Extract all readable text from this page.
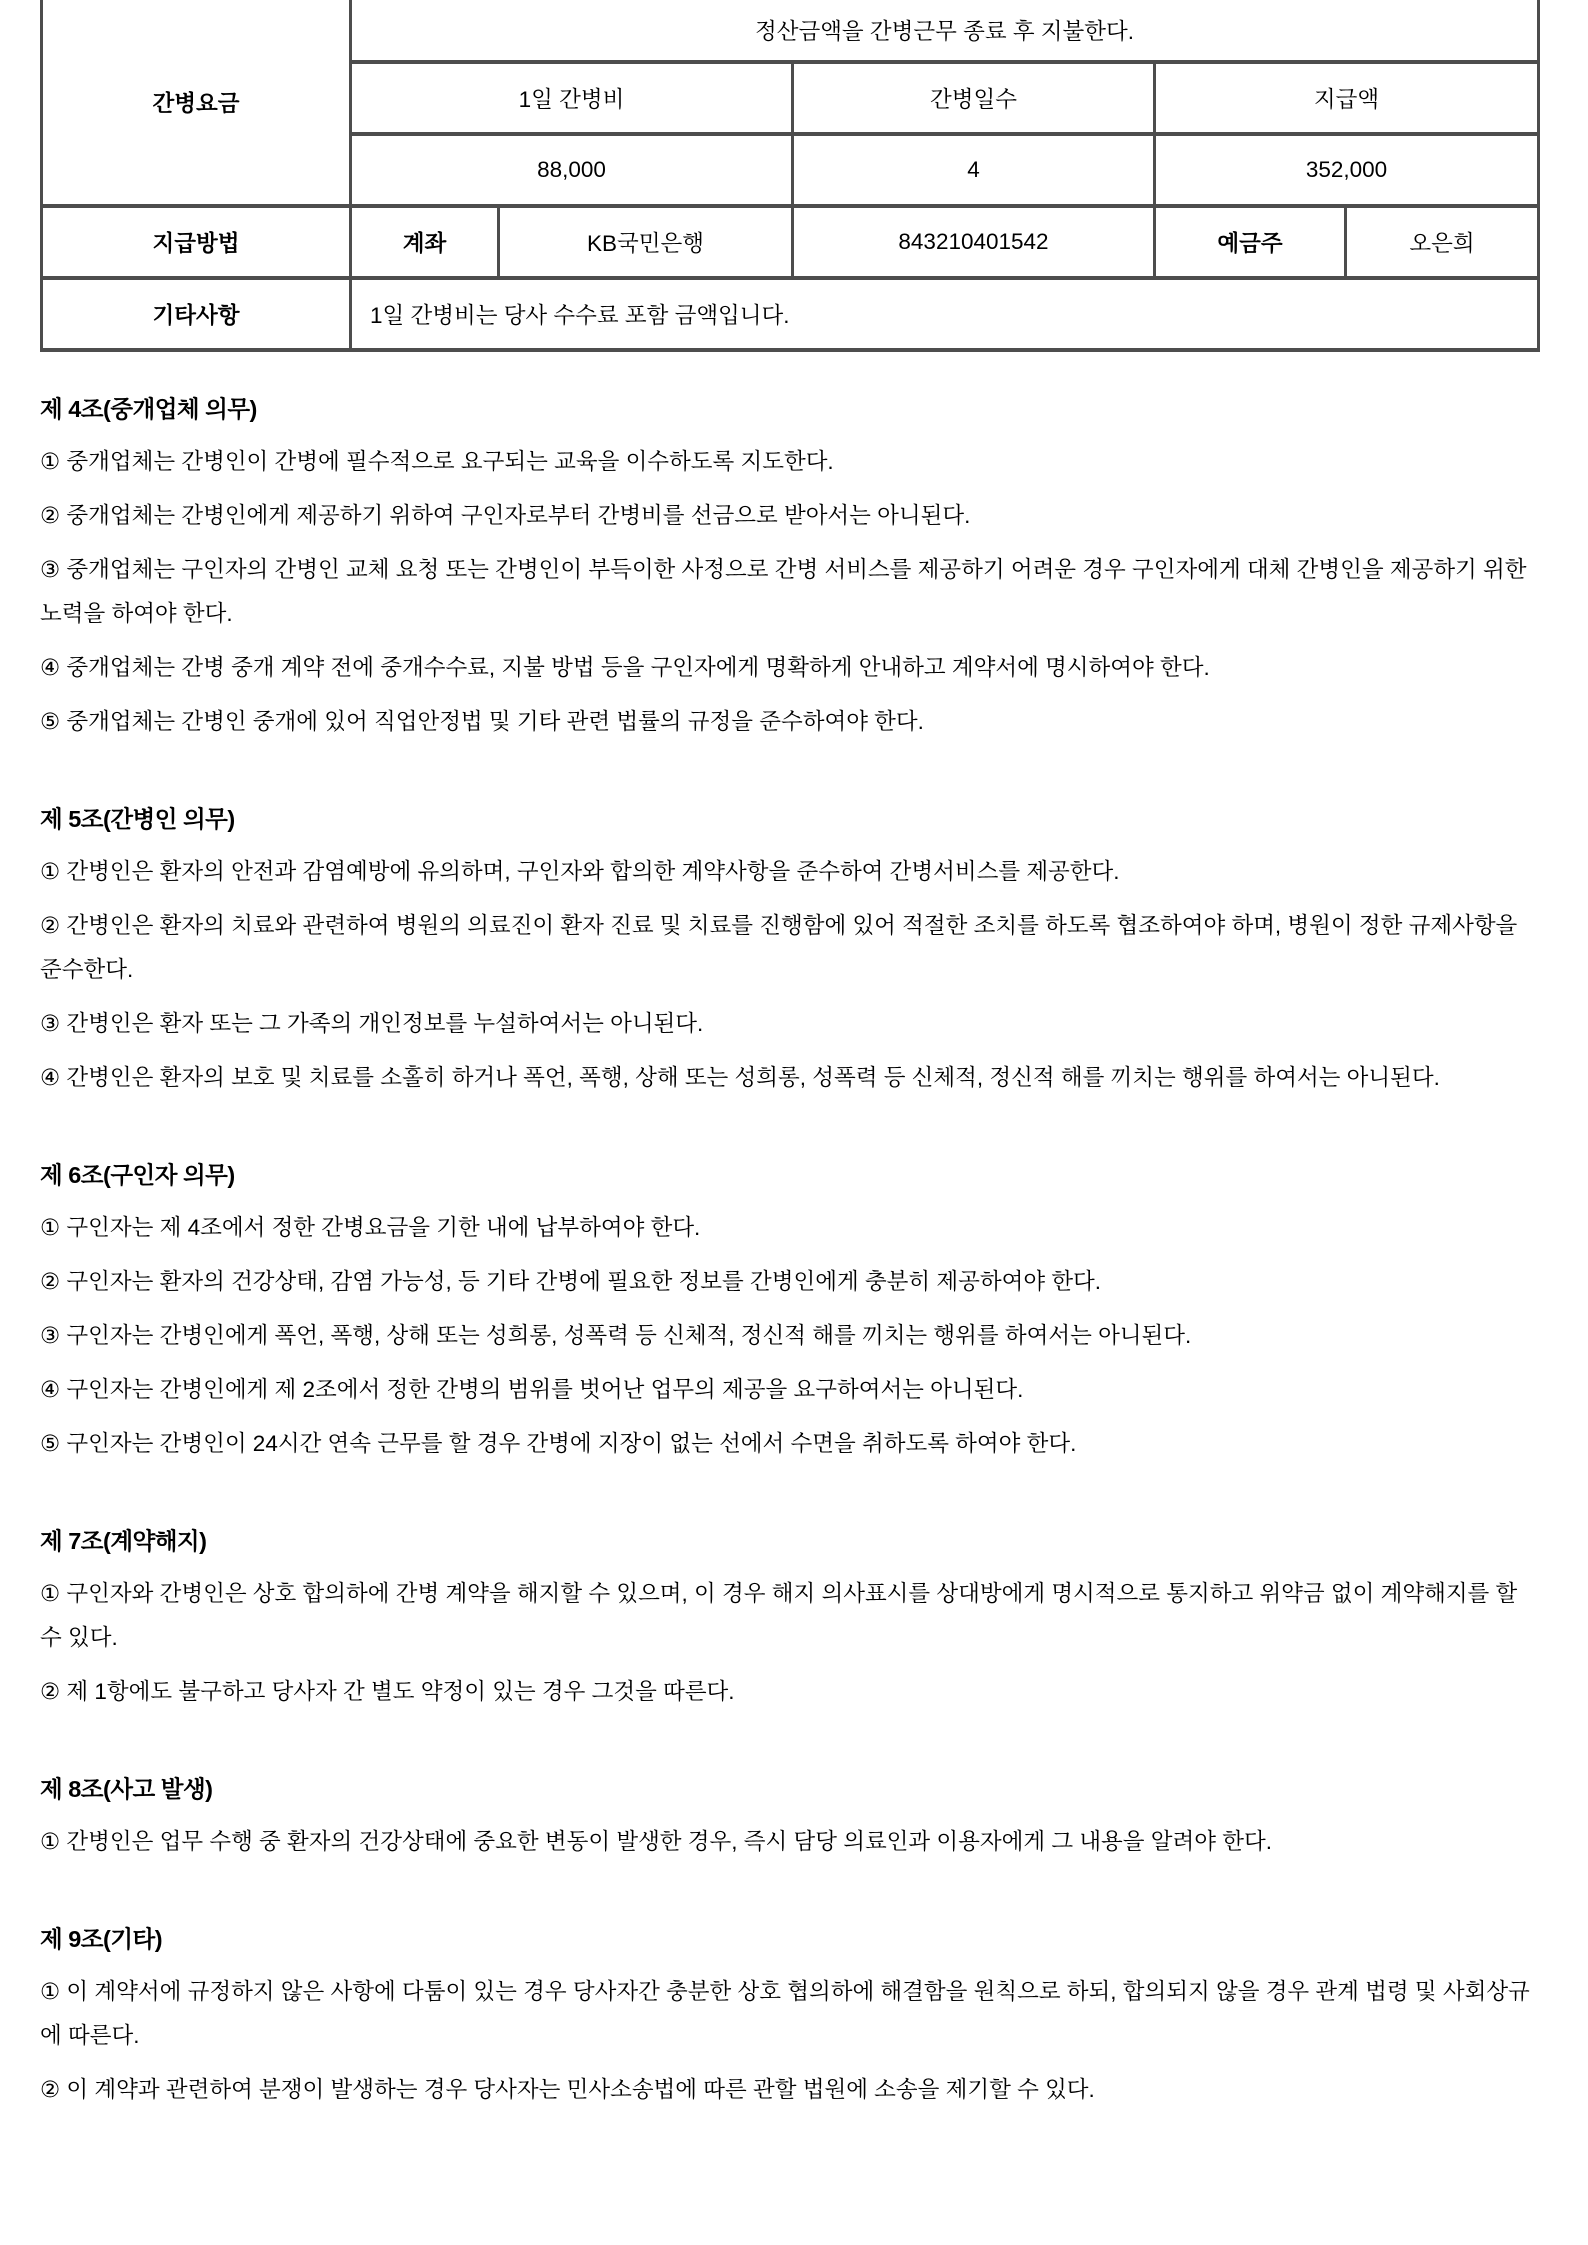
간병요금	정산금액을 간병근무 종료 후 지불한다.				
	1일 간병비		간병일수	지급액	
	88,000		4	352,000	
지급방법	계좌	KB국민은행	843210401542	예금주	오은희
기타사항	1일 간병비는 당사 수수료 포함 금액입니다.				
제 4조(중개업체 의무)

① 중개업체는 간병인이 간병에 필수적으로 요구되는 교육을 이수하도록 지도한다.

② 중개업체는 간병인에게 제공하기 위하여 구인자로부터 간병비를 선금으로 받아서는 아니된다.

③ 중개업체는 구인자의 간병인 교체 요청 또는 간병인이 부득이한 사정으로 간병 서비스를 제공하기 어려운 경우 구인자에게 대체 간병인을 제공하기 위한 노력을 하여야 한다.

④ 중개업체는 간병 중개 계약 전에 중개수수료, 지불 방법 등을 구인자에게 명확하게 안내하고 계약서에 명시하여야 한다.

⑤ 중개업체는 간병인 중개에 있어 직업안정법 및 기타 관련 법률의 규정을 준수하여야 한다.

제 5조(간병인 의무)

① 간병인은 환자의 안전과 감염예방에 유의하며, 구인자와 합의한 계약사항을 준수하여 간병서비스를 제공한다.

② 간병인은 환자의 치료와 관련하여 병원의 의료진이 환자 진료 및 치료를 진행함에 있어 적절한 조치를 하도록 협조하여야 하며, 병원이 정한 규제사항을 준수한다.

③ 간병인은 환자 또는 그 가족의 개인정보를 누설하여서는 아니된다.

④ 간병인은 환자의 보호 및 치료를 소홀히 하거나 폭언, 폭행, 상해 또는 성희롱, 성폭력 등 신체적, 정신적 해를 끼치는 행위를 하여서는 아니된다.

제 6조(구인자 의무)

① 구인자는 제 4조에서 정한 간병요금을 기한 내에 납부하여야 한다.

② 구인자는 환자의 건강상태, 감염 가능성, 등 기타 간병에 필요한 정보를 간병인에게 충분히 제공하여야 한다.

③ 구인자는 간병인에게 폭언, 폭행, 상해 또는 성희롱, 성폭력 등 신체적, 정신적 해를 끼치는 행위를 하여서는 아니된다.

④ 구인자는 간병인에게 제 2조에서 정한 간병의 범위를 벗어난 업무의 제공을 요구하여서는 아니된다.

⑤ 구인자는 간병인이 24시간 연속 근무를 할 경우 간병에 지장이 없는 선에서 수면을 취하도록 하여야 한다.

제 7조(계약해지)

① 구인자와 간병인은 상호 합의하에 간병 계약을 해지할 수 있으며, 이 경우 해지 의사표시를 상대방에게 명시적으로 통지하고 위약금 없이 계약해지를 할 수 있다.

② 제 1항에도 불구하고 당사자 간 별도 약정이 있는 경우 그것을 따른다.

제 8조(사고 발생)

① 간병인은 업무 수행 중 환자의 건강상태에 중요한 변동이 발생한 경우, 즉시 담당 의료인과 이용자에게 그 내용을 알려야 한다.

제 9조(기타)

① 이 계약서에 규정하지 않은 사항에 다툼이 있는 경우 당사자간 충분한 상호 협의하에 해결함을 원칙으로 하되, 합의되지 않을 경우 관계 법령 및 사회상규에 따른다.

② 이 계약과 관련하여 분쟁이 발생하는 경우 당사자는 민사소송법에 따른 관할 법원에 소송을 제기할 수 있다.
